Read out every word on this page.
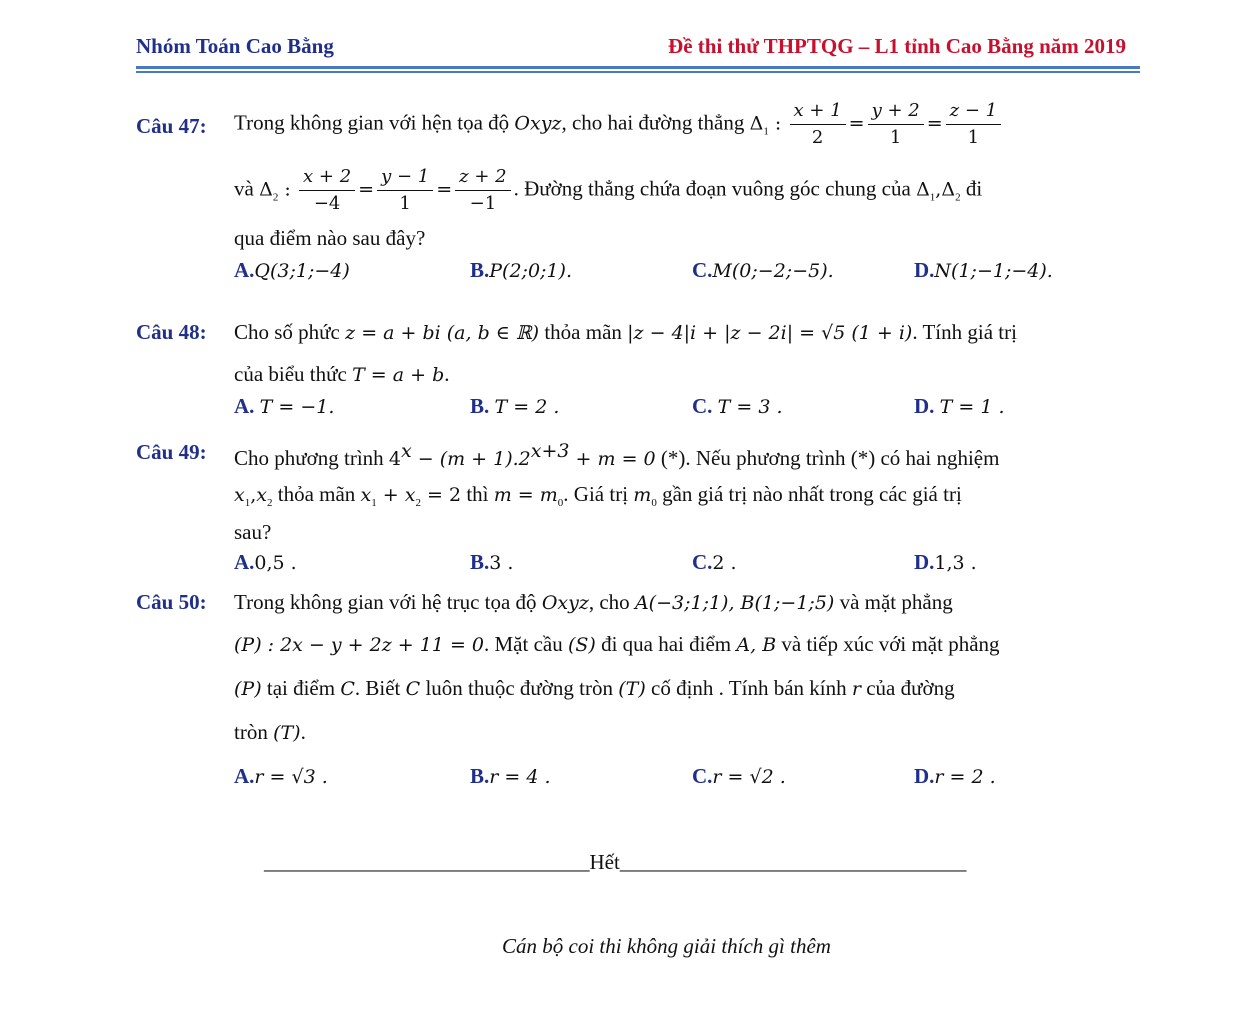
Nhóm Toán Cao Bằng	Đề thi thử THPTQG – L1 tỉnh Cao Bằng năm 2019
Câu 47: Trong không gian với hện tọa độ Oxyz, cho hai đường thẳng $\Delta_1$ : $\frac{x + 1}{2} = \frac{y + 2}{1} = \frac{z - 1}{1}$
và $\Delta_2$ : $\frac{x + 2}{-4} = \frac{y - 1}{1} = \frac{z + 2}{-1}$ . Đường thẳng chứa đoạn vuông góc chung của $\Delta_1,\Delta_2$ đi
qua điểm nào sau đây?
A.Q(3;1;−4)	B.P(2;0;1).	C.M(0;−2;−5).	D.N(1;−1;−4).
Câu 48: Cho số phức z = a + bi (a, b ∈ ℝ) thỏa mãn |z − 4|i + |z − 2i| = √5 (1 + i). Tính giá trị
của biểu thức T = a + b.
A. T = −1.	B. T = 2 .	C. T = 3 .	D. T = 1 .
Câu 49: Cho phương trình $4^x - (m + 1).2^{x+3} + m = 0$ (*). Nếu phương trình (*) có hai nghiệm
$x_1,x_2$ thỏa mãn $x_1 + x_2 = 2$ thì $m = m_0$. Giá trị $m_0$ gần giá trị nào nhất trong các giá trị
sau?
A.0,5 .	B.3 .	C.2 .	D.1,3 .
Câu 50: Trong không gian với hệ trục tọa độ Oxyz, cho A(−3;1;1), B(1;−1;5) và mặt phẳng
(P) : 2x − y + 2z + 11 = 0. Mặt cầu (S) đi qua hai điểm A, B và tiếp xúc với mặt phẳng
(P) tại điểm C. Biết C luôn thuộc đường tròn (T) cố định . Tính bán kính r của đường
tròn (T).
A.r = √3 .	B.r = 4 .	C.r = √2 .	D.r = 2 .
_______________________________Hết_________________________________
Cán bộ coi thi không giải thích gì thêm
